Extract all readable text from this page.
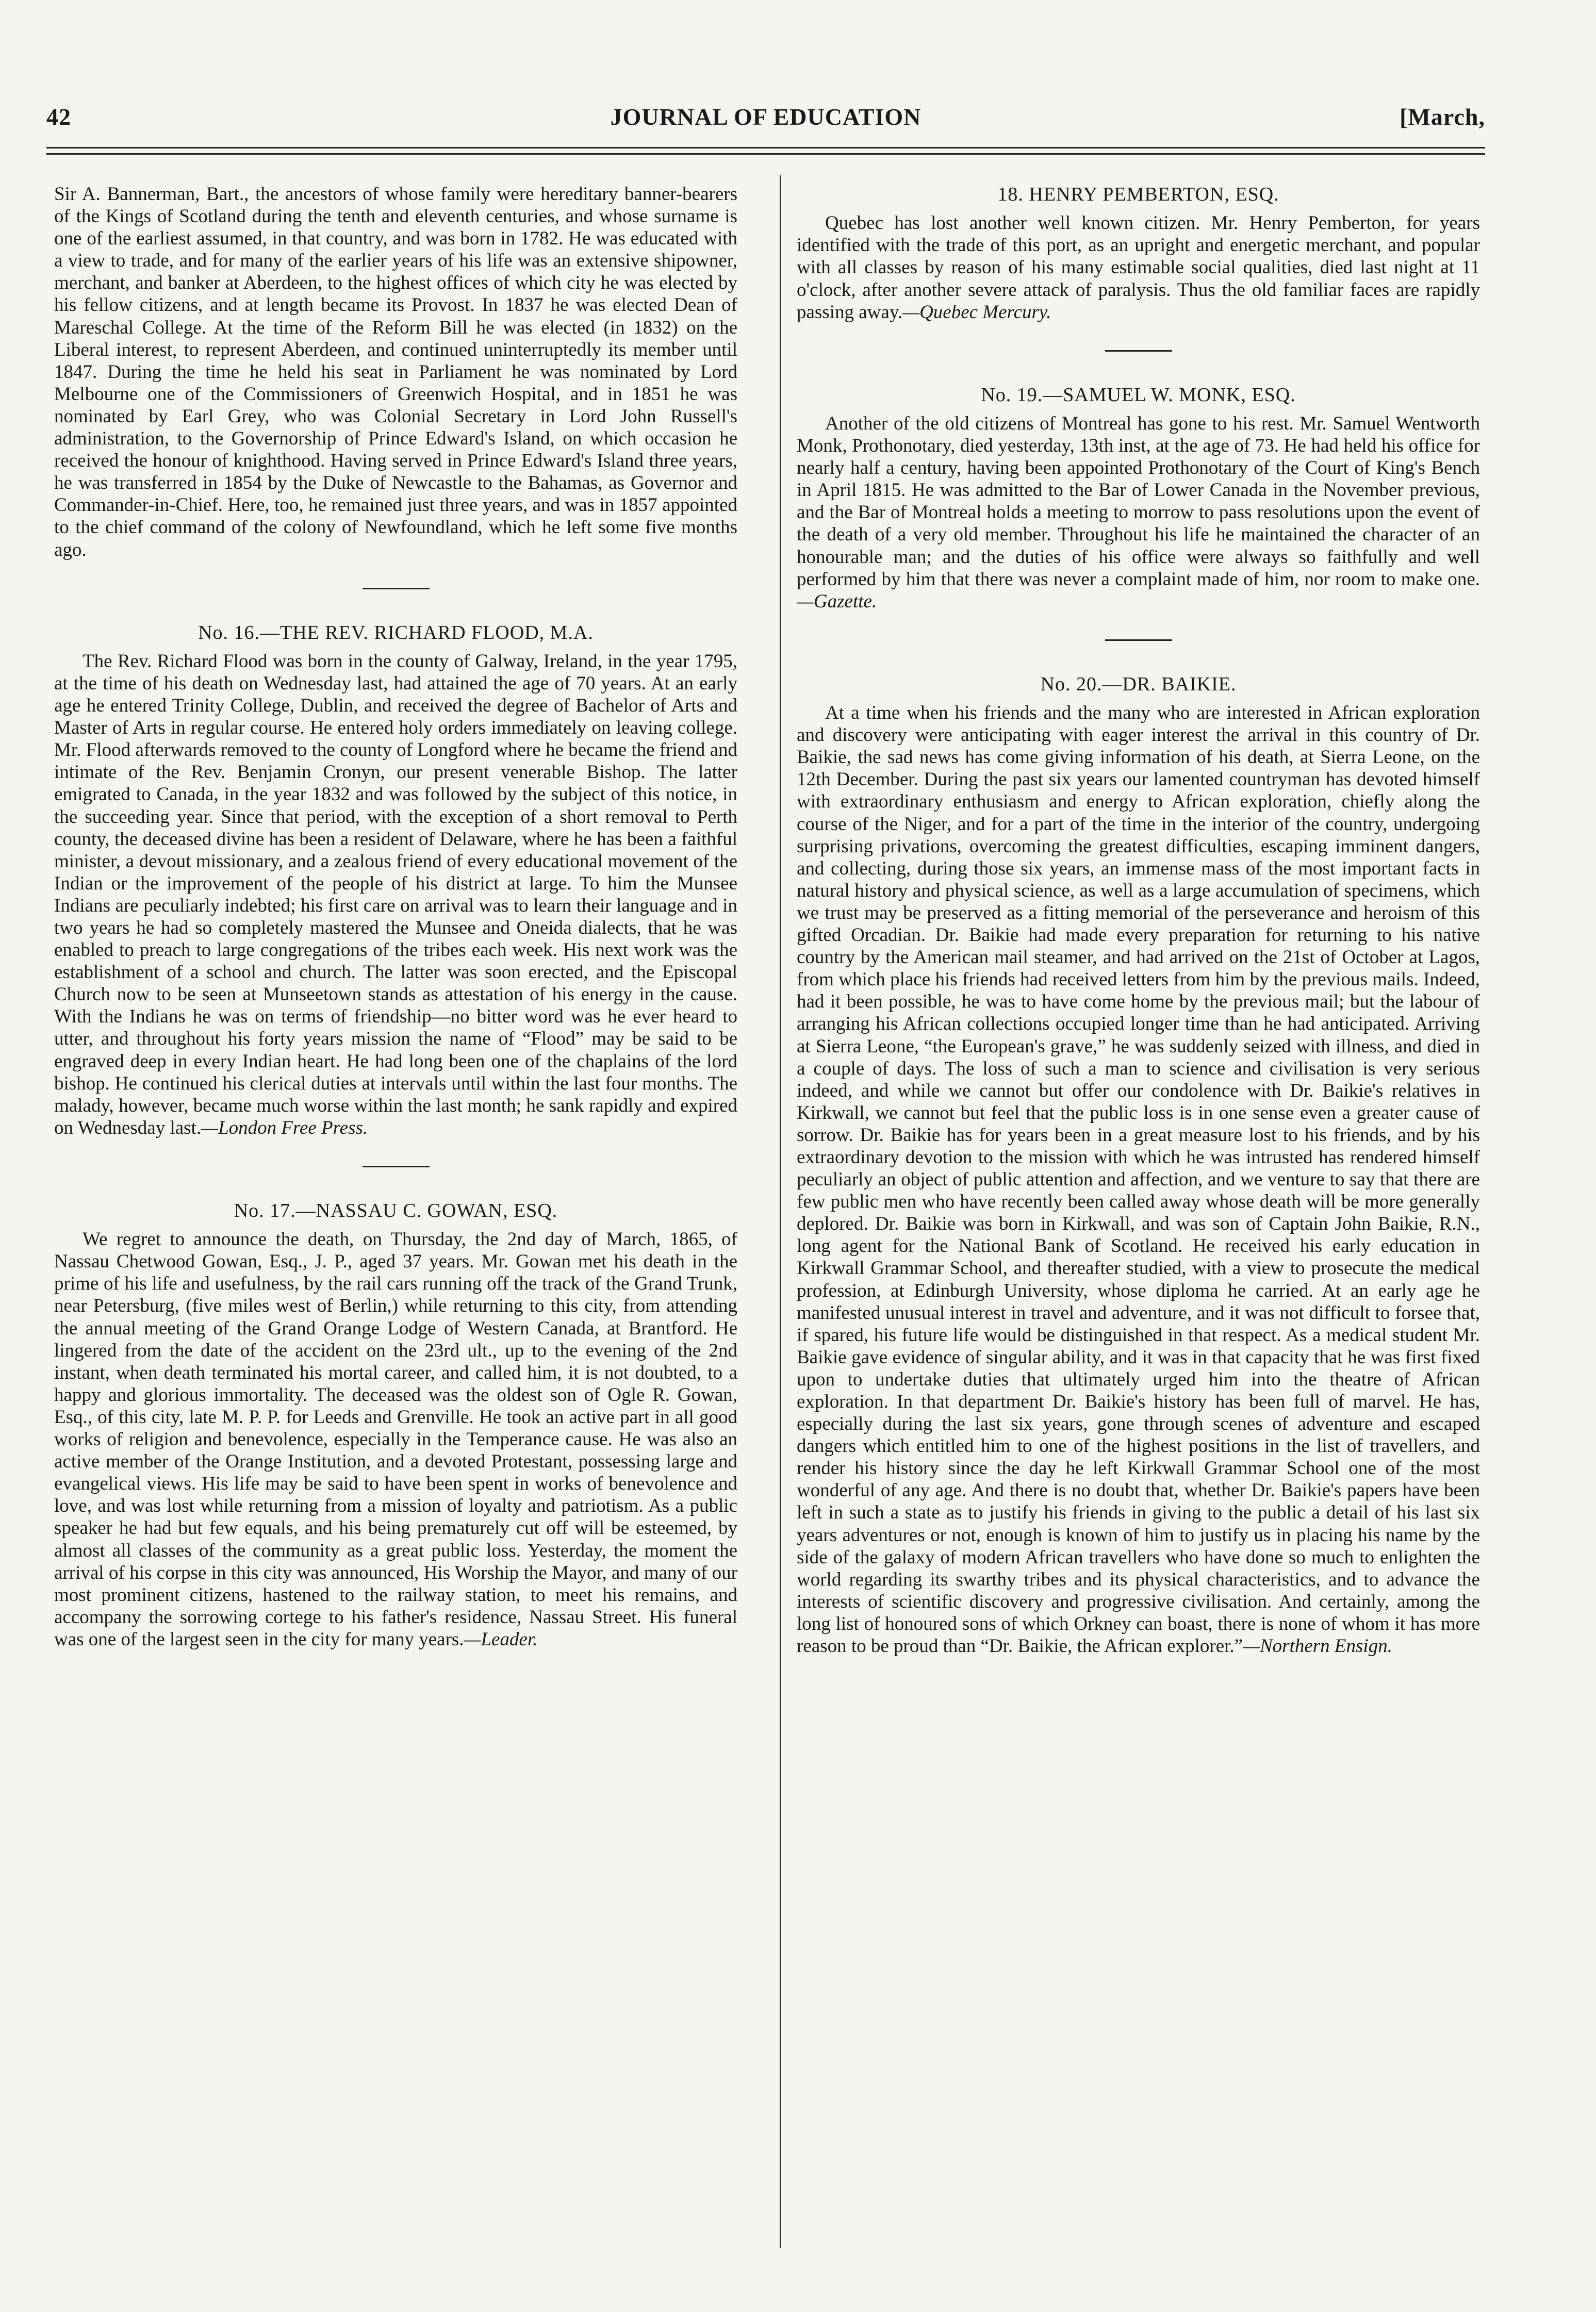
JOURNAL OF EDUCATION
42	[March,

Sir A. Bannerman, Bart., the ancestors of whose family were hereditary banner-bearers of the Kings of Scotland during the tenth and eleventh centuries, and whose surname is one of the earliest assumed, in that country, and was born in 1782. He was educated with a view to trade, and for many of the earlier years of his life was an extensive shipowner, merchant, and banker at Aberdeen, to the highest offices of which city he was elected by his fellow citizens, and at length became its Provost. In 1837 he was elected Dean of Mareschal College. At the time of the Reform Bill he was elected (in 1832) on the Liberal interest, to represent Aberdeen, and continued uninterruptedly its member until 1847. During the time he held his seat in Parliament he was nominated by Lord Melbourne one of the Commissioners of Greenwich Hospital, and in 1851 he was nominated by Earl Grey, who was Colonial Secretary in Lord John Russell's administration, to the Governorship of Prince Edward's Island, on which occasion he received the honour of knighthood. Having served in Prince Edward's Island three years, he was transferred in 1854 by the Duke of Newcastle to the Bahamas, as Governor and Commander-in-Chief. Here, too, he remained just three years, and was in 1857 appointed to the chief command of the colony of Newfoundland, which he left some five months ago.

No. 16.—THE REV. RICHARD FLOOD, M.A.

The Rev. Richard Flood was born in the county of Galway, Ireland, in the year 1795, at the time of his death on Wednesday last, had attained the age of 70 years. At an early age he entered Trinity College, Dublin, and received the degree of Bachelor of Arts and Master of Arts in regular course. He entered holy orders immediately on leaving college. Mr. Flood afterwards removed to the county of Longford where he became the friend and intimate of the Rev. Benjamin Cronyn, our present venerable Bishop. The latter emigrated to Canada, in the year 1832 and was followed by the subject of this notice, in the succeeding year. Since that period, with the exception of a short removal to Perth county, the deceased divine has been a resident of Delaware, where he has been a faithful minister, a devout missionary, and a zealous friend of every educational movement of the Indian or the improvement of the people of his district at large. To him the Munsee Indians are peculiarly indebted; his first care on arrival was to learn their language and in two years he had so completely mastered the Munsee and Oneida dialects, that he was enabled to preach to large congregations of the tribes each week. His next work was the establishment of a school and church. The latter was soon erected, and the Episcopal Church now to be seen at Munseetown stands as attestation of his energy in the cause. With the Indians he was on terms of friendship—no bitter word was he ever heard to utter, and throughout his forty years mission the name of “Flood” may be said to be engraved deep in every Indian heart. He had long been one of the chaplains of the lord bishop. He continued his clerical duties at intervals until within the last four months. The malady, however, became much worse within the last month; he sank rapidly and expired on Wednesday last.—London Free Press.

No. 17.—NASSAU C. GOWAN, ESQ.

We regret to announce the death, on Thursday, the 2nd day of March, 1865, of Nassau Chetwood Gowan, Esq., J. P., aged 37 years. Mr. Gowan met his death in the prime of his life and usefulness, by the rail cars running off the track of the Grand Trunk, near Petersburg, (five miles west of Berlin,) while returning to this city, from attending the annual meeting of the Grand Orange Lodge of Western Canada, at Brantford. He lingered from the date of the accident on the 23rd ult., up to the evening of the 2nd instant, when death terminated his mortal career, and called him, it is not doubted, to a happy and glorious immortality. The deceased was the oldest son of Ogle R. Gowan, Esq., of this city, late M. P. P. for Leeds and Grenville. He took an active part in all good works of religion and benevolence, especially in the Temperance cause. He was also an active member of the Orange Institution, and a devoted Protestant, possessing large and evangelical views. His life may be said to have been spent in works of benevolence and love, and was lost while returning from a mission of loyalty and patriotism. As a public speaker he had but few equals, and his being prematurely cut off will be esteemed, by almost all classes of the community as a great public loss. Yesterday, the moment the arrival of his corpse in this city was announced, His Worship the Mayor, and many of our most prominent citizens, hastened to the railway station, to meet his remains, and accompany the sorrowing cortege to his father's residence, Nassau Street. His funeral was one of the largest seen in the city for many years.—Leader.

18. HENRY PEMBERTON, ESQ.

Quebec has lost another well known citizen. Mr. Henry Pemberton, for years identified with the trade of this port, as an upright and energetic merchant, and popular with all classes by reason of his many estimable social qualities, died last night at 11 o'clock, after another severe attack of paralysis. Thus the old familiar faces are rapidly passing away.—Quebec Mercury.

No. 19.—SAMUEL W. MONK, ESQ.

Another of the old citizens of Montreal has gone to his rest. Mr. Samuel Wentworth Monk, Prothonotary, died yesterday, 13th inst, at the age of 73. He had held his office for nearly half a century, having been appointed Prothonotary of the Court of King's Bench in April 1815. He was admitted to the Bar of Lower Canada in the November previous, and the Bar of Montreal holds a meeting to morrow to pass resolutions upon the event of the death of a very old member. Throughout his life he maintained the character of an honourable man; and the duties of his office were always so faithfully and well performed by him that there was never a complaint made of him, nor room to make one.—Gazette.

No. 20.—DR. BAIKIE.

At a time when his friends and the many who are interested in African exploration and discovery were anticipating with eager interest the arrival in this country of Dr. Baikie, the sad news has come giving information of his death, at Sierra Leone, on the 12th December. During the past six years our lamented countryman has devoted himself with extraordinary enthusiasm and energy to African exploration, chiefly along the course of the Niger, and for a part of the time in the interior of the country, undergoing surprising privations, overcoming the greatest difficulties, escaping imminent dangers, and collecting, during those six years, an immense mass of the most important facts in natural history and physical science, as well as a large accumulation of specimens, which we trust may be preserved as a fitting memorial of the perseverance and heroism of this gifted Orcadian. Dr. Baikie had made every preparation for returning to his native country by the American mail steamer, and had arrived on the 21st of October at Lagos, from which place his friends had received letters from him by the previous mails. Indeed, had it been possible, he was to have come home by the previous mail; but the labour of arranging his African collections occupied longer time than he had anticipated. Arriving at Sierra Leone, “the European's grave,” he was suddenly seized with illness, and died in a couple of days. The loss of such a man to science and civilisation is very serious indeed, and while we cannot but offer our condolence with Dr. Baikie's relatives in Kirkwall, we cannot but feel that the public loss is in one sense even a greater cause of sorrow. Dr. Baikie has for years been in a great measure lost to his friends, and by his extraordinary devotion to the mission with which he was intrusted has rendered himself peculiarly an object of public attention and affection, and we venture to say that there are few public men who have recently been called away whose death will be more generally deplored. Dr. Baikie was born in Kirkwall, and was son of Captain John Baikie, R.N., long agent for the National Bank of Scotland. He received his early education in Kirkwall Grammar School, and thereafter studied, with a view to prosecute the medical profession, at Edinburgh University, whose diploma he carried. At an early age he manifested unusual interest in travel and adventure, and it was not difficult to forsee that, if spared, his future life would be distinguished in that respect. As a medical student Mr. Baikie gave evidence of singular ability, and it was in that capacity that he was first fixed upon to undertake duties that ultimately urged him into the theatre of African exploration. In that department Dr. Baikie's history has been full of marvel. He has, especially during the last six years, gone through scenes of adventure and escaped dangers which entitled him to one of the highest positions in the list of travellers, and render his history since the day he left Kirkwall Grammar School one of the most wonderful of any age. And there is no doubt that, whether Dr. Baikie's papers have been left in such a state as to justify his friends in giving to the public a detail of his last six years adventures or not, enough is known of him to justify us in placing his name by the side of the galaxy of modern African travellers who have done so much to enlighten the world regarding its swarthy tribes and its physical characteristics, and to advance the interests of scientific discovery and progressive civilisation. And certainly, among the long list of honoured sons of which Orkney can boast, there is none of whom it has more reason to be proud than “Dr. Baikie, the African explorer.”—Northern Ensign.
